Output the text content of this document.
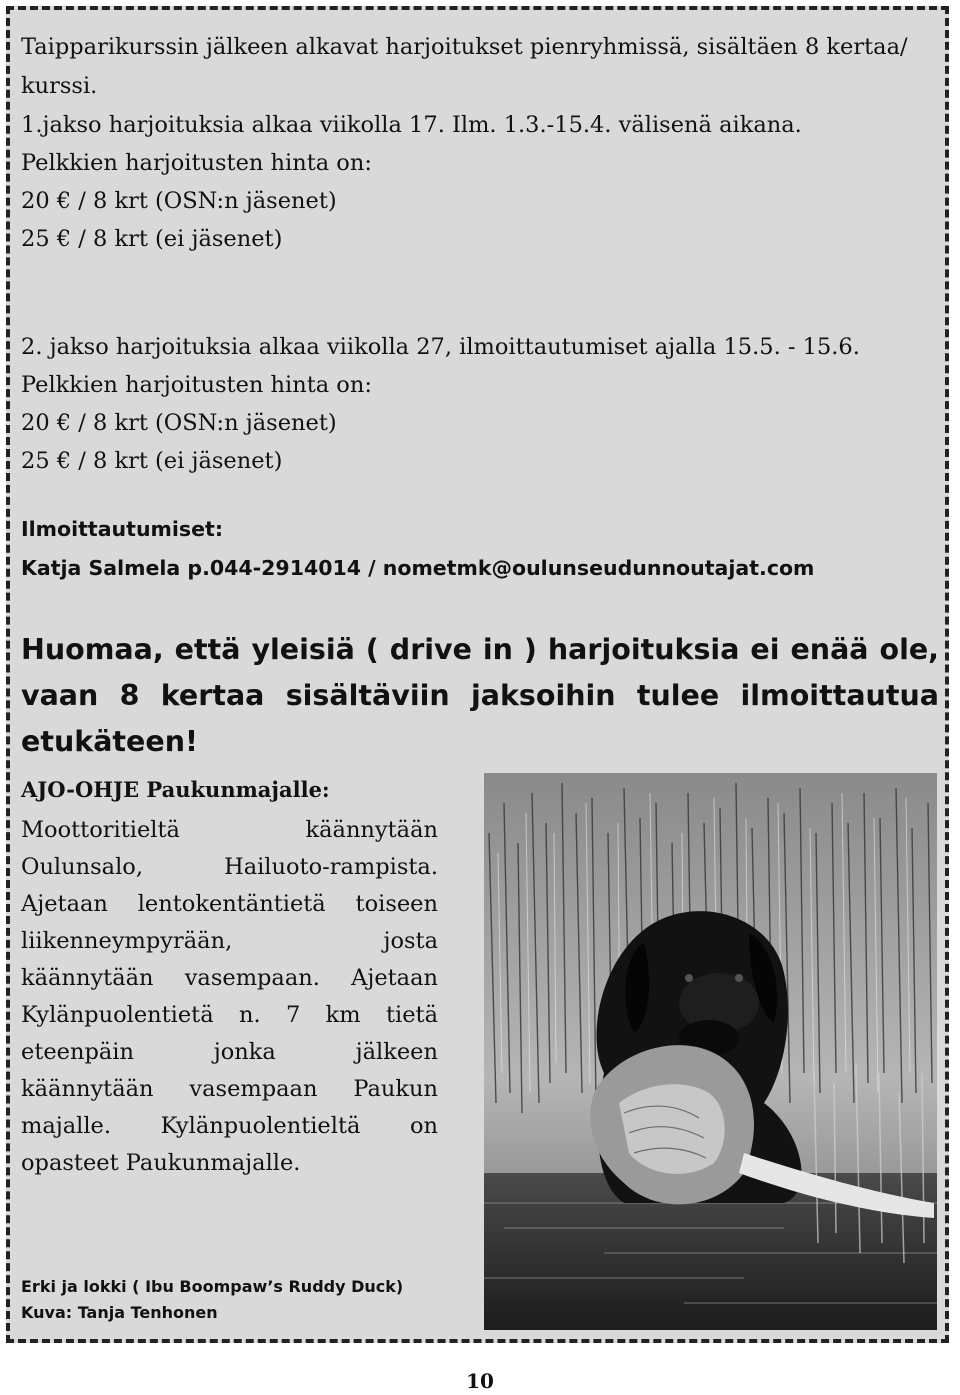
Taipparikurssin jälkeen alkavat harjoitukset pienryhmissä, sisältäen 8 kertaa/
kurssi.
1.jakso harjoituksia alkaa viikolla 17. Ilm. 1.3.-15.4. välisenä aikana.
Pelkkien harjoitusten hinta on:
20 € / 8 krt (OSN:n jäsenet)
25 € / 8 krt (ei jäsenet)
2. jakso harjoituksia alkaa viikolla 27, ilmoittautumiset ajalla 15.5. - 15.6.
Pelkkien harjoitusten hinta on:
20 € / 8 krt (OSN:n jäsenet)
25 € / 8 krt (ei jäsenet)
Ilmoittautumiset:
Katja Salmela p.044-2914014 / nometmk@oulunseudunnoutajat.com
Huomaa, että yleisiä ( drive in ) harjoituksia ei enää ole, vaan 8 kertaa sisältäviin jaksoihin tulee ilmoittautua etukäteen!
AJO-OHJE Paukunmajalle:
Moottoritieltä käännytään
Oulunsalo, Hailuoto-rampista.
Ajetaan lentokentäntietä toiseen
liikenneympyrään, josta
käännytään vasempaan. Ajetaan
Kylänpuolentietä n. 7 km tietä
eteenpäin jonka jälkeen
käännytään vasempaan Paukun
majalle. Kylänpuolentieltä on
opasteet Paukunmajalle.
Erki ja lokki ( Ibu Boompaw’s Ruddy Duck)
Kuva: Tanja Tenhonen
10
